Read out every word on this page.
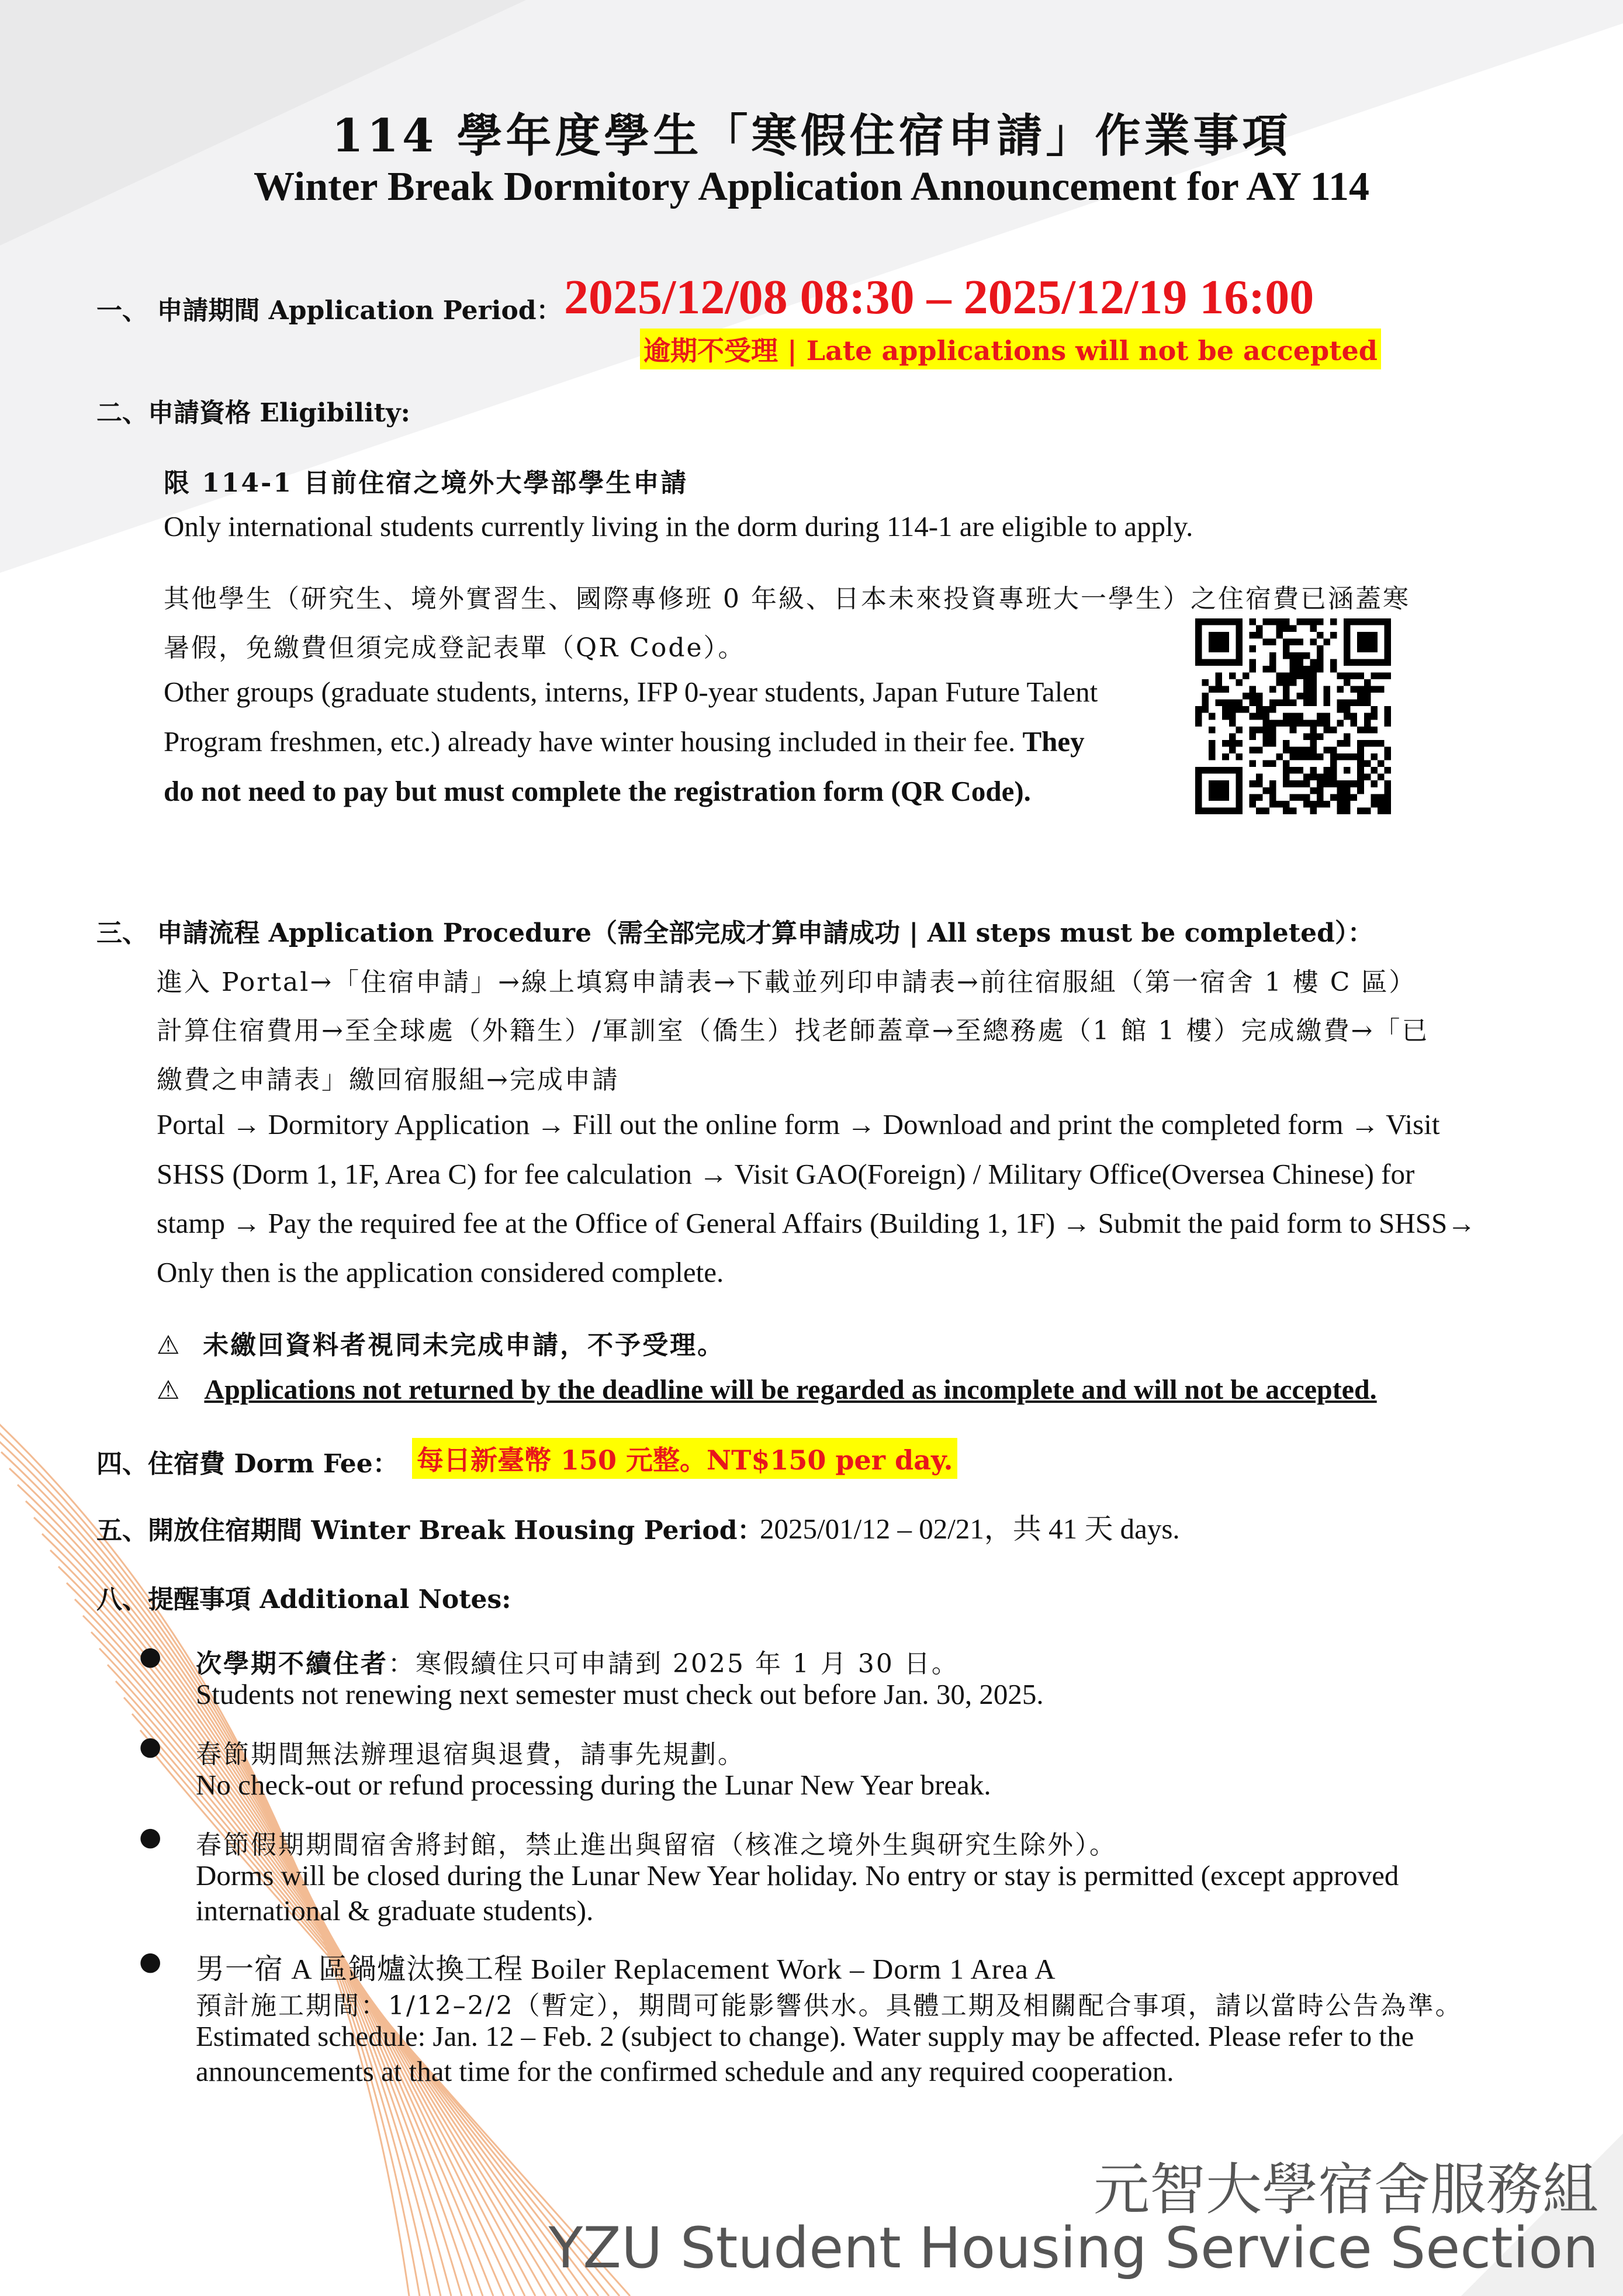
114 學年度學生「寒假住宿申請」作業事項
Winter Break Dormitory Application Announcement for AY 114
一、 申請期間 Application Period： 2025/12/08 08:30 – 2025/12/19 16:00
逾期不受理 | Late applications will not be accepted
二、申請資格 Eligibility:
限 114-1 目前住宿之境外大學部學生申請
Only international students currently living in the dorm during 114-1 are eligible to apply.
其他學生（研究生、境外實習生、國際專修班 0 年級、日本未來投資專班大一學生）之住宿費已涵蓋寒
暑假，免繳費但須完成登記表單（QR Code）。
Other groups (graduate students, interns, IFP 0-year students, Japan Future Talent
Program freshmen, etc.) already have winter housing included in their fee. They
do not need to pay but must complete the registration form (QR Code).
三、 申請流程 Application Procedure（需全部完成才算申請成功 | All steps must be completed）：
進入 Portal→「住宿申請」→線上填寫申請表→下載並列印申請表→前往宿服組（第一宿舍 1 樓 C 區）
計算住宿費用→至全球處（外籍生）/軍訓室（僑生）找老師蓋章→至總務處（1 館 1 樓）完成繳費→「已
繳費之申請表」繳回宿服組→完成申請
Portal → Dormitory Application → Fill out the online form → Download and print the completed form → Visit
SHSS (Dorm 1, 1F, Area C) for fee calculation → Visit GAO(Foreign) / Military Office(Oversea Chinese) for
stamp → Pay the required fee at the Office of General Affairs (Building 1, 1F) → Submit the paid form to SHSS→
Only then is the application considered complete.
⚠ 未繳回資料者視同未完成申請，不予受理。
⚠ Applications not returned by the deadline will be regarded as incomplete and will not be accepted.
四、住宿費 Dorm Fee： 每日新臺幣 150 元整。NT$150 per day.
五、開放住宿期間 Winter Break Housing Period：
2025/01/12 – 02/21，共 41 天 days.
八、提醒事項 Additional Notes:
● 次學期不續住者：寒假續住只可申請到 2025 年 1 月 30 日。
Students not renewing next semester must check out before Jan. 30, 2025.
● 春節期間無法辦理退宿與退費，請事先規劃。
No check-out or refund processing during the Lunar New Year break.
● 春節假期期間宿舍將封館，禁止進出與留宿（核准之境外生與研究生除外）。
Dorms will be closed during the Lunar New Year holiday. No entry or stay is permitted (except approved
international & graduate students).
● 男一宿 A 區鍋爐汰換工程 Boiler Replacement Work – Dorm 1 Area A
預計施工期間：1/12–2/2（暫定），期間可能影響供水。具體工期及相關配合事項，請以當時公告為準。
Estimated schedule: Jan. 12 – Feb. 2 (subject to change). Water supply may be affected. Please refer to the
announcements at that time for the confirmed schedule and any required cooperation.
元智大學宿舍服務組
YZU Student Housing Service Section
